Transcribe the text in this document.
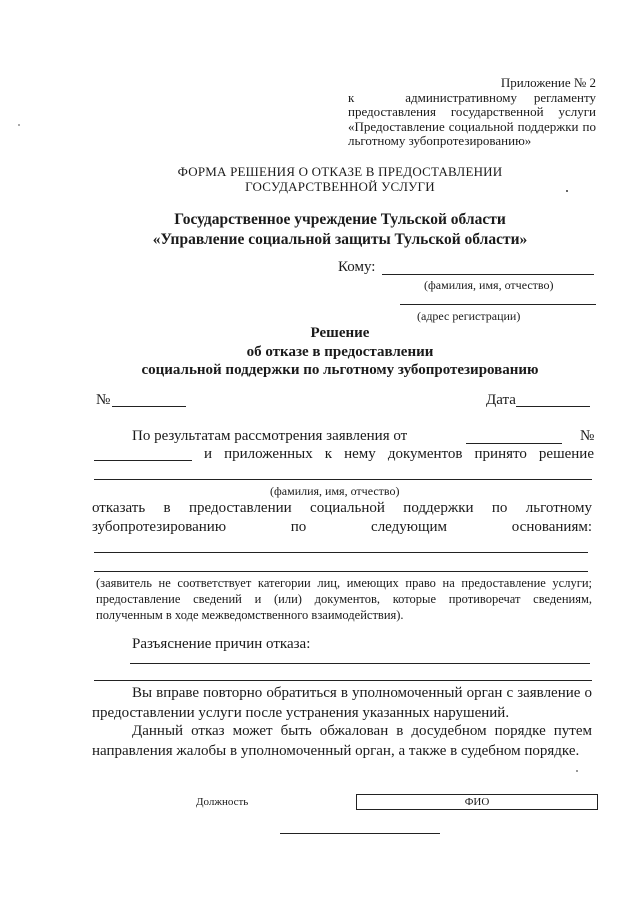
Приложение № 2
к	административному регламенту
предоставления государственной услуги
«Предоставление социальной поддержки по
льготному зубопротезированию»
ФОРМА РЕШЕНИЯ О ОТКАЗЕ В ПРЕДОСТАВЛЕНИИ
ГОСУДАРСТВЕННОЙ УСЛУГИ
Государственное учреждение Тульской области
«Управление социальной защиты Тульской области»
Кому:
(фамилия, имя, отчество)
(адрес регистрации)
Решение
об отказе в предоставлении
социальной поддержки по льготному зубопротезированию
№	Дата
По результатам рассмотрения заявления от	№
и приложенных к нему документов принято решение
(фамилия, имя, отчество)
отказать в предоставлении социальной поддержки по льготному
зубопротезированию по следующим основаниям:
(заявитель не соответствует категории лиц, имеющих право на предоставление услуги; предоставление сведений и (или) документов, которые противоречат сведениям, полученным в ходе межведомственного взаимодействия).
Разъяснение причин отказа:
Вы вправе повторно обратиться в уполномоченный орган с заявление о предоставлении услуги после устранения указанных нарушений.
Данный отказ может быть обжалован в досудебном порядке путем направления жалобы в уполномоченный орган, а также в судебном порядке.
Должность	ФИО
